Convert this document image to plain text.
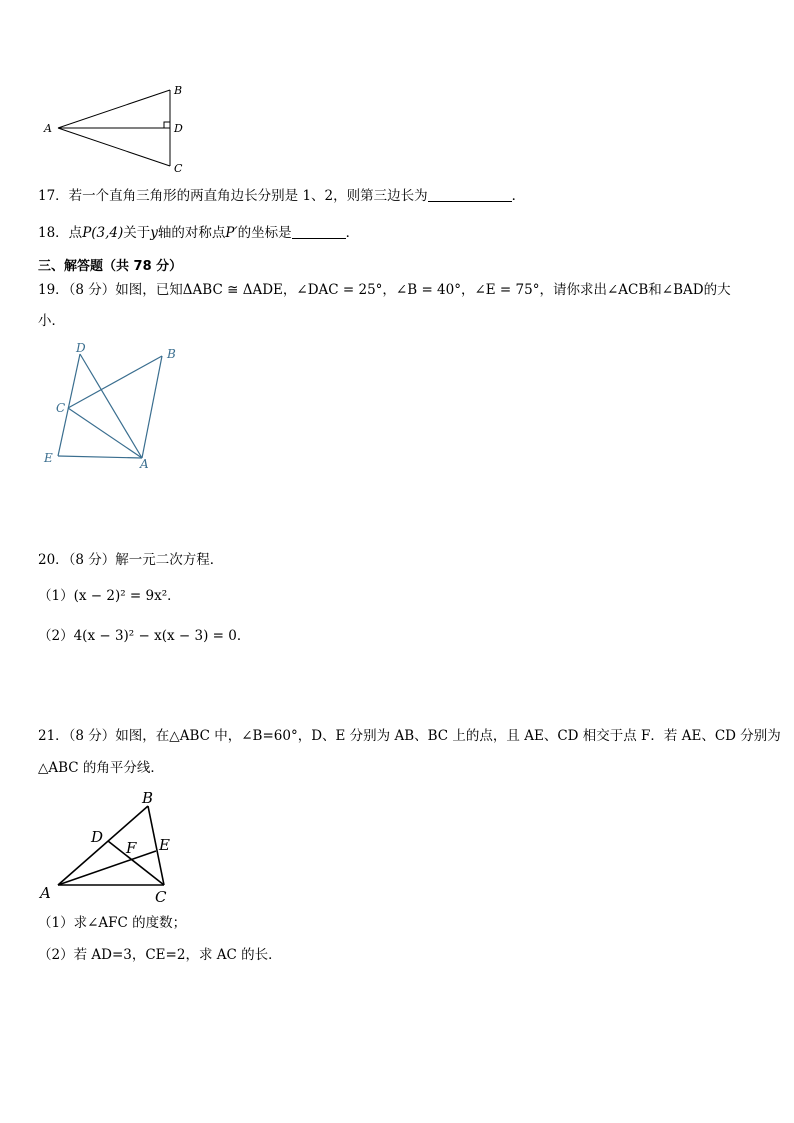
A
B
D
C
17．若一个直角三角形的两直角边长分别是 1、2，则第三边长为	．
18．点P(3,4)关于y轴的对称点P′的坐标是	．
三、解答题（共 78 分）
19．（8 分）如图，已知ΔABC ≅ ΔADE，∠DAC = 25°，∠B = 40°，∠E = 75°，请你求出∠ACB和∠BAD的大
小．
D	B
C
E	A
20．（8 分）解一元二次方程．
（1）(x − 2)² = 9x²．
（2）4(x − 3)² − x(x − 3) = 0．
21．（8 分）如图，在△ABC 中，∠B=60°，D、E 分别为 AB、BC 上的点，且 AE、CD 相交于点 F．若 AE、CD 分别为
△ABC 的角平分线．
B
D	E
F
A	C
（1）求∠AFC 的度数；
（2）若 AD=3，CE=2，求 AC 的长．
